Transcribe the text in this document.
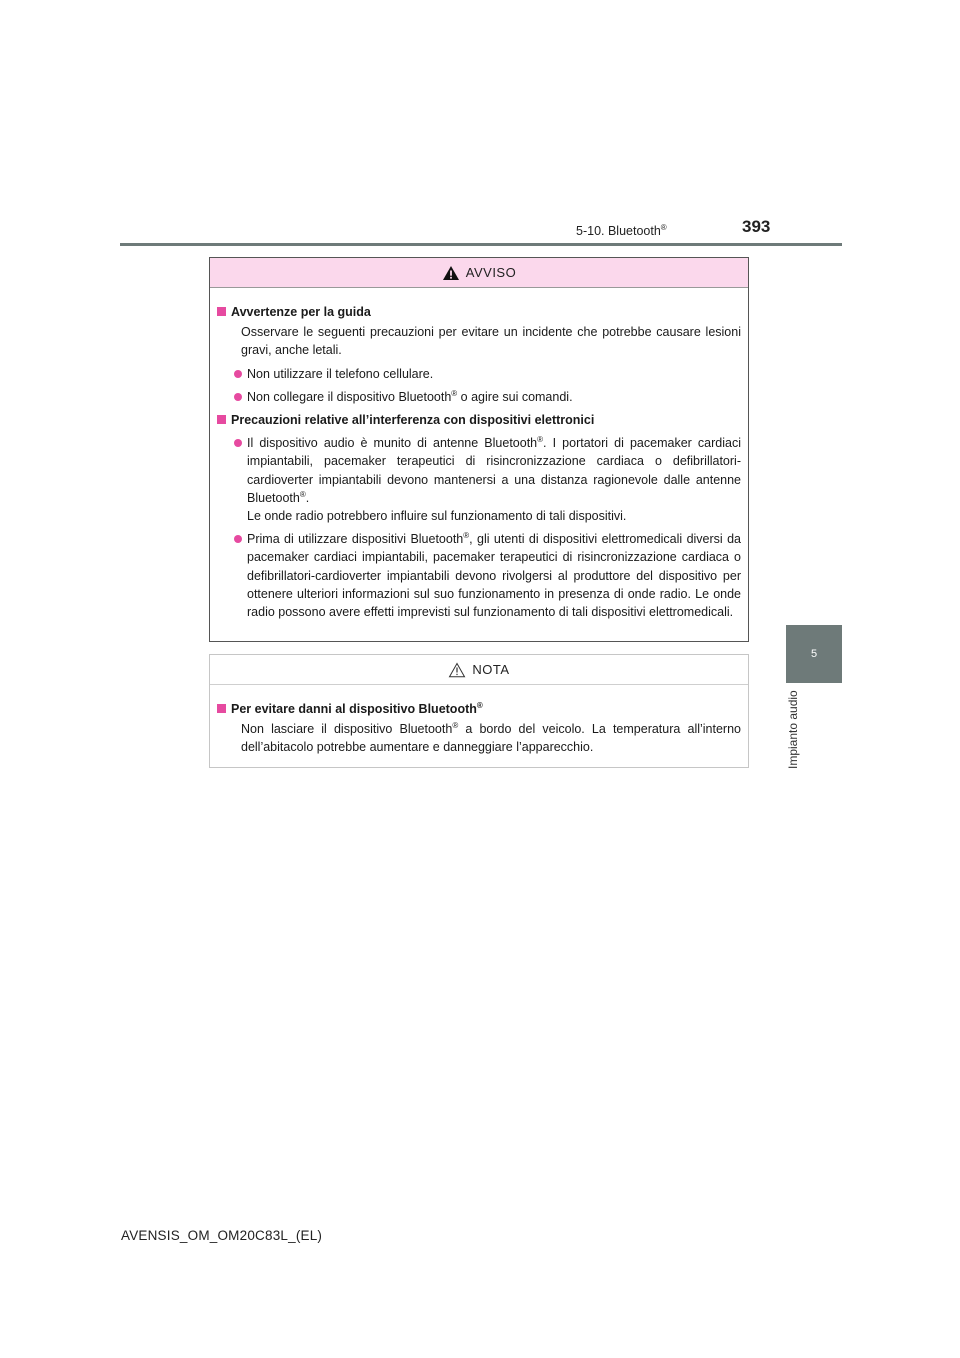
5-10. Bluetooth®	393
5
Impianto audio
AVVISO
Avvertenze per la guida
Osservare le seguenti precauzioni per evitare un incidente che potrebbe causare lesioni gravi, anche letali.
Non utilizzare il telefono cellulare.
Non collegare il dispositivo Bluetooth® o agire sui comandi.
Precauzioni relative all’interferenza con dispositivi elettronici
Il dispositivo audio è munito di antenne Bluetooth®. I portatori di pacemaker cardiaci impiantabili, pacemaker terapeutici di risincronizzazione cardiaca o defibrillatori-cardioverter impiantabili devono mantenersi a una distanza ragionevole dalle antenne Bluetooth®.
Le onde radio potrebbero influire sul funzionamento di tali dispositivi.
Prima di utilizzare dispositivi Bluetooth®, gli utenti di dispositivi elettromedicali diversi da pacemaker cardiaci impiantabili, pacemaker terapeutici di risincronizzazione cardiaca o defibrillatori-cardioverter impiantabili devono rivolgersi al produttore del dispositivo per ottenere ulteriori informazioni sul suo funzionamento in presenza di onde radio. Le onde radio possono avere effetti imprevisti sul funzionamento di tali dispositivi elettromedicali.
NOTA
Per evitare danni al dispositivo Bluetooth®
Non lasciare il dispositivo Bluetooth® a bordo del veicolo. La temperatura all’interno dell’abitacolo potrebbe aumentare e danneggiare l’apparecchio.
AVENSIS_OM_OM20C83L_(EL)
